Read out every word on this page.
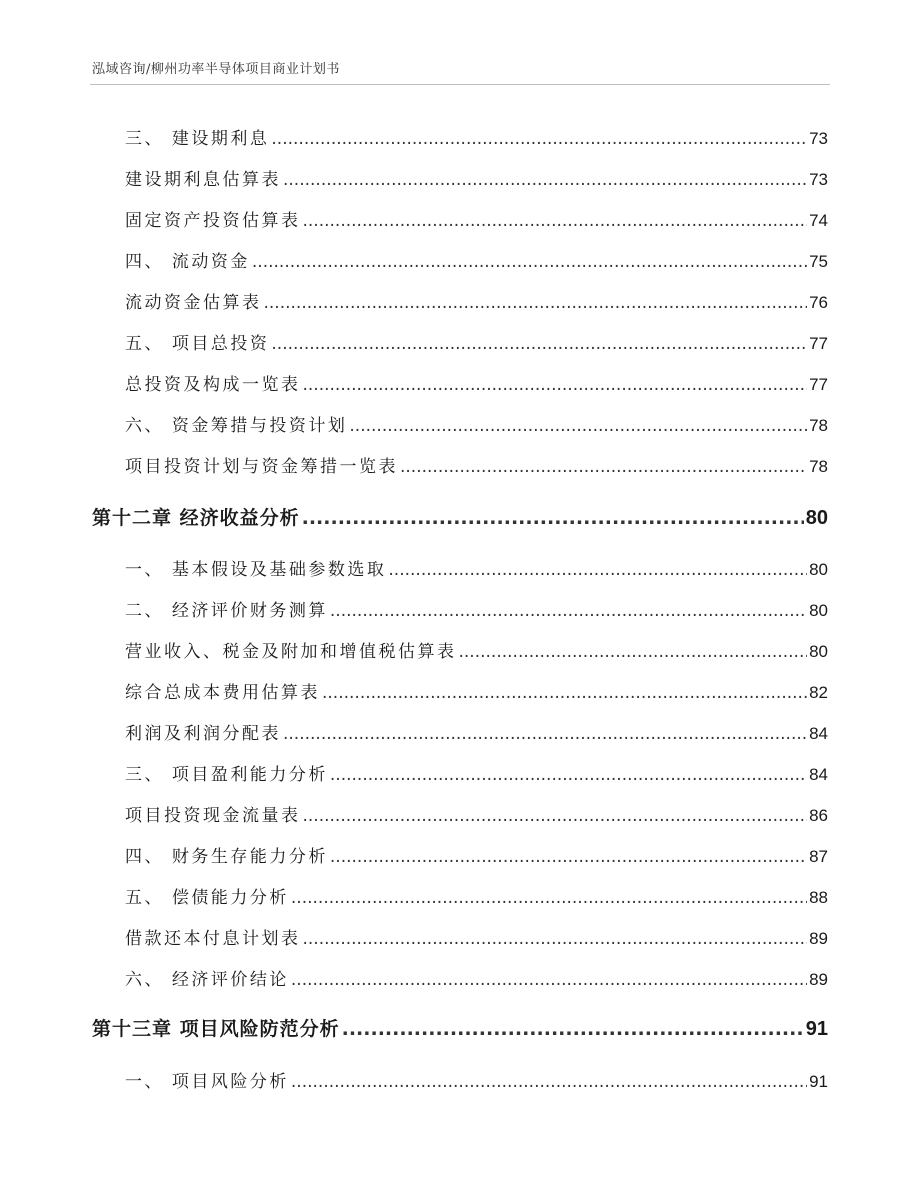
泓域咨询/柳州功率半导体项目商业计划书
三、 建设期利息 .....	73
建设期利息估算表 .....	73
固定资产投资估算表 .....	74
四、 流动资金 .....	75
流动资金估算表 .....	76
五、 项目总投资 .....	77
总投资及构成一览表 .....	77
六、 资金筹措与投资计划 .....	78
项目投资计划与资金筹措一览表 .....	78
第十二章 经济收益分析 .....	80
一、 基本假设及基础参数选取 .....	80
二、 经济评价财务测算 .....	80
营业收入、税金及附加和增值税估算表 .....	80
综合总成本费用估算表 .....	82
利润及利润分配表 .....	84
三、 项目盈利能力分析 .....	84
项目投资现金流量表 .....	86
四、 财务生存能力分析 .....	87
五、 偿债能力分析 .....	88
借款还本付息计划表 .....	89
六、 经济评价结论 .....	89
第十三章 项目风险防范分析 .....	91
一、 项目风险分析 .....	91
